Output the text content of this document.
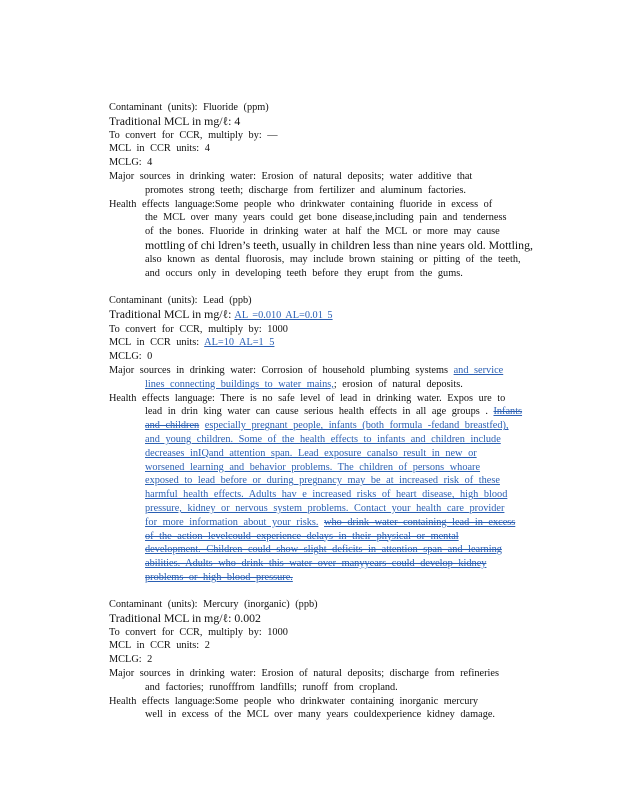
Contaminant (units): Fluoride (ppm)
Traditional MCL in mg/ℓ: 4
To convert for CCR, multiply by: —
MCL in CCR units: 4
MCLG: 4
Major sources in drinking water: Erosion of natural deposits; water additive that
promotes strong teeth; discharge from fertilizer and aluminum factories.
Health effects language:Some people who drinkwater containing fluoride in excess of
the MCL over many years could get bone disease,including pain and tenderness
of the bones. Fluoride in drinking water at half the MCL or more may cause
mottling of chi ldren’s teeth, usually in children less than nine years old. Mottling,
also known as dental fluorosis, may include brown staining or pitting of the teeth,
and occurs only in developing teeth before they erupt from the gums.
Contaminant (units): Lead (ppb)
Traditional MCL in mg/ℓ: AL =0.010 AL=0.01 5
To convert for CCR, multiply by: 1000
MCL in CCR units: AL=10 AL=1 5
MCLG: 0
Major sources in drinking water: Corrosion of household plumbing systems and service
lines connecting buildings to water mains,; erosion of natural deposits.
Health effects language: There is no safe level of lead in drinking water. Expos ure to
lead in drin king water can cause serious health effects in all age groups . Infants
and children especially pregnant people, infants (both formula -fedand breastfed),
and young children. Some of the health effects to infants and children include
decreases inIQand attention span. Lead exposure canalso result in new or
worsened learning and behavior problems. The children of persons whoare
exposed to lead before or during pregnancy may be at increased risk of these
harmful health effects. Adults hav e increased risks of heart disease, high blood
pressure, kidney or nervous system problems. Contact your health care provider
for more information about your risks. who drink water containing lead in excess
of the action levelcould experience delays in their physical or mental
development. Children could show slight deficits in attention span and learning
abilities. Adults who drink this water over manyyears could develop kidney
problems or high blood pressure.
Contaminant (units): Mercury (inorganic) (ppb)
Traditional MCL in mg/ℓ: 0.002
To convert for CCR, multiply by: 1000
MCL in CCR units: 2
MCLG: 2
Major sources in drinking water: Erosion of natural deposits; discharge from refineries
and factories; runofffrom landfills; runoff from cropland.
Health effects language:Some people who drinkwater containing inorganic mercury
well in excess of the MCL over many years couldexperience kidney damage.
